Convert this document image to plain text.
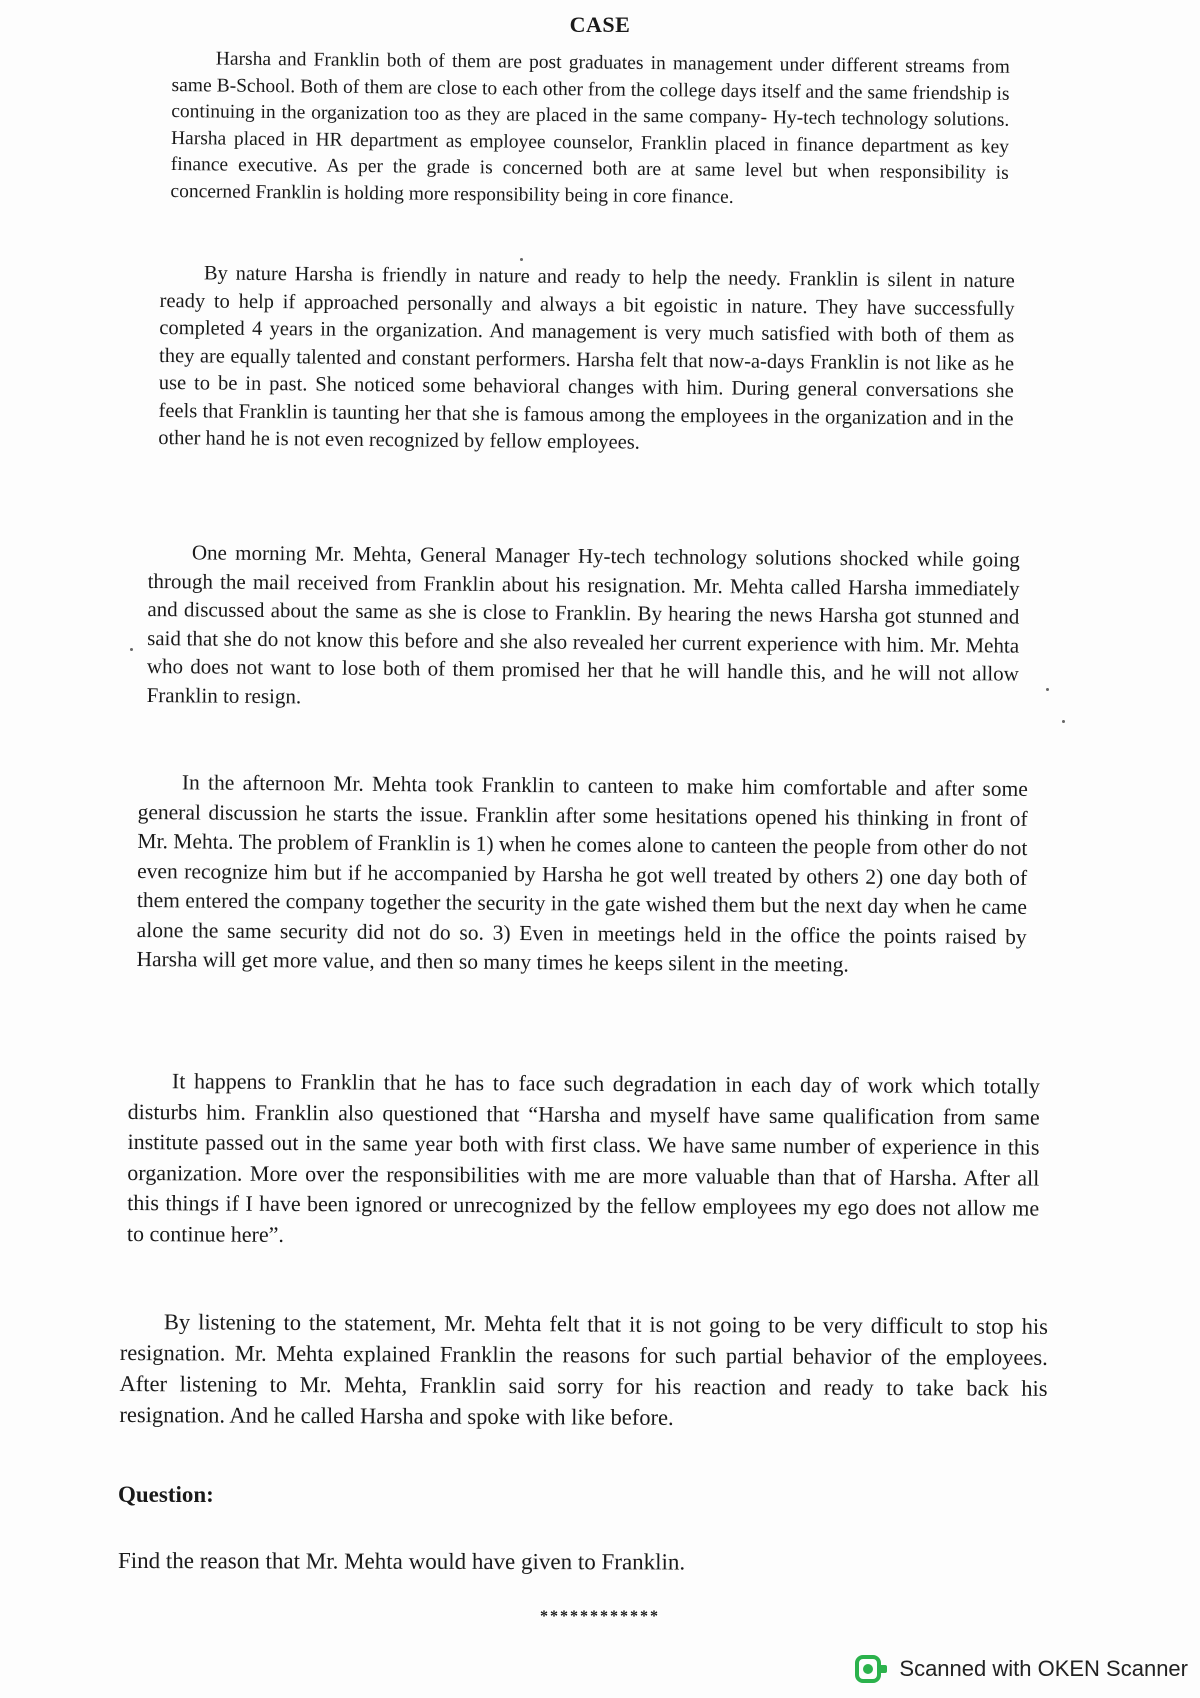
CASE
Harsha and Franklin both of them are post graduates in management under different streams from same B-School. Both of them are close to each other from the college days itself and the same friendship is continuing in the organization too as they are placed in the same company- Hy-tech technology solutions. Harsha placed in HR department as employee counselor, Franklin placed in finance department as key finance executive. As per the grade is concerned both are at same level but when responsibility is concerned Franklin is holding more responsibility being in core finance.
By nature Harsha is friendly in nature and ready to help the needy. Franklin is silent in nature ready to help if approached personally and always a bit egoistic in nature. They have successfully completed 4 years in the organization. And management is very much satisfied with both of them as they are equally talented and constant performers. Harsha felt that now-a-days Franklin is not like as he use to be in past. She noticed some behavioral changes with him. During general conversations she feels that Franklin is taunting her that she is famous among the employees in the organization and in the other hand he is not even recognized by fellow employees.
One morning Mr. Mehta, General Manager Hy-tech technology solutions shocked while going through the mail received from Franklin about his resignation. Mr. Mehta called Harsha immediately and discussed about the same as she is close to Franklin. By hearing the news Harsha got stunned and said that she do not know this before and she also revealed her current experience with him. Mr. Mehta who does not want to lose both of them promised her that he will handle this, and he will not allow Franklin to resign.
In the afternoon Mr. Mehta took Franklin to canteen to make him comfortable and after some general discussion he starts the issue. Franklin after some hesitations opened his thinking in front of Mr. Mehta. The problem of Franklin is 1) when he comes alone to canteen the people from other do not even recognize him but if he accompanied by Harsha he got well treated by others 2) one day both of them entered the company together the security in the gate wished them but the next day when he came alone the same security did not do so. 3) Even in meetings held in the office the points raised by Harsha will get more value, and then so many times he keeps silent in the meeting.
It happens to Franklin that he has to face such degradation in each day of work which totally disturbs him. Franklin also questioned that “Harsha and myself have same qualification from same institute passed out in the same year both with first class. We have same number of experience in this organization. More over the responsibilities with me are more valuable than that of Harsha. After all this things if I have been ignored or unrecognized by the fellow employees my ego does not allow me to continue here”.
By listening to the statement, Mr. Mehta felt that it is not going to be very difficult to stop his resignation. Mr. Mehta explained Franklin the reasons for such partial behavior of the employees. After listening to Mr. Mehta, Franklin said sorry for his reaction and ready to take back his resignation. And he called Harsha and spoke with like before.
Question:
Find the reason that Mr. Mehta would have given to Franklin.
************
Scanned with OKEN Scanner
